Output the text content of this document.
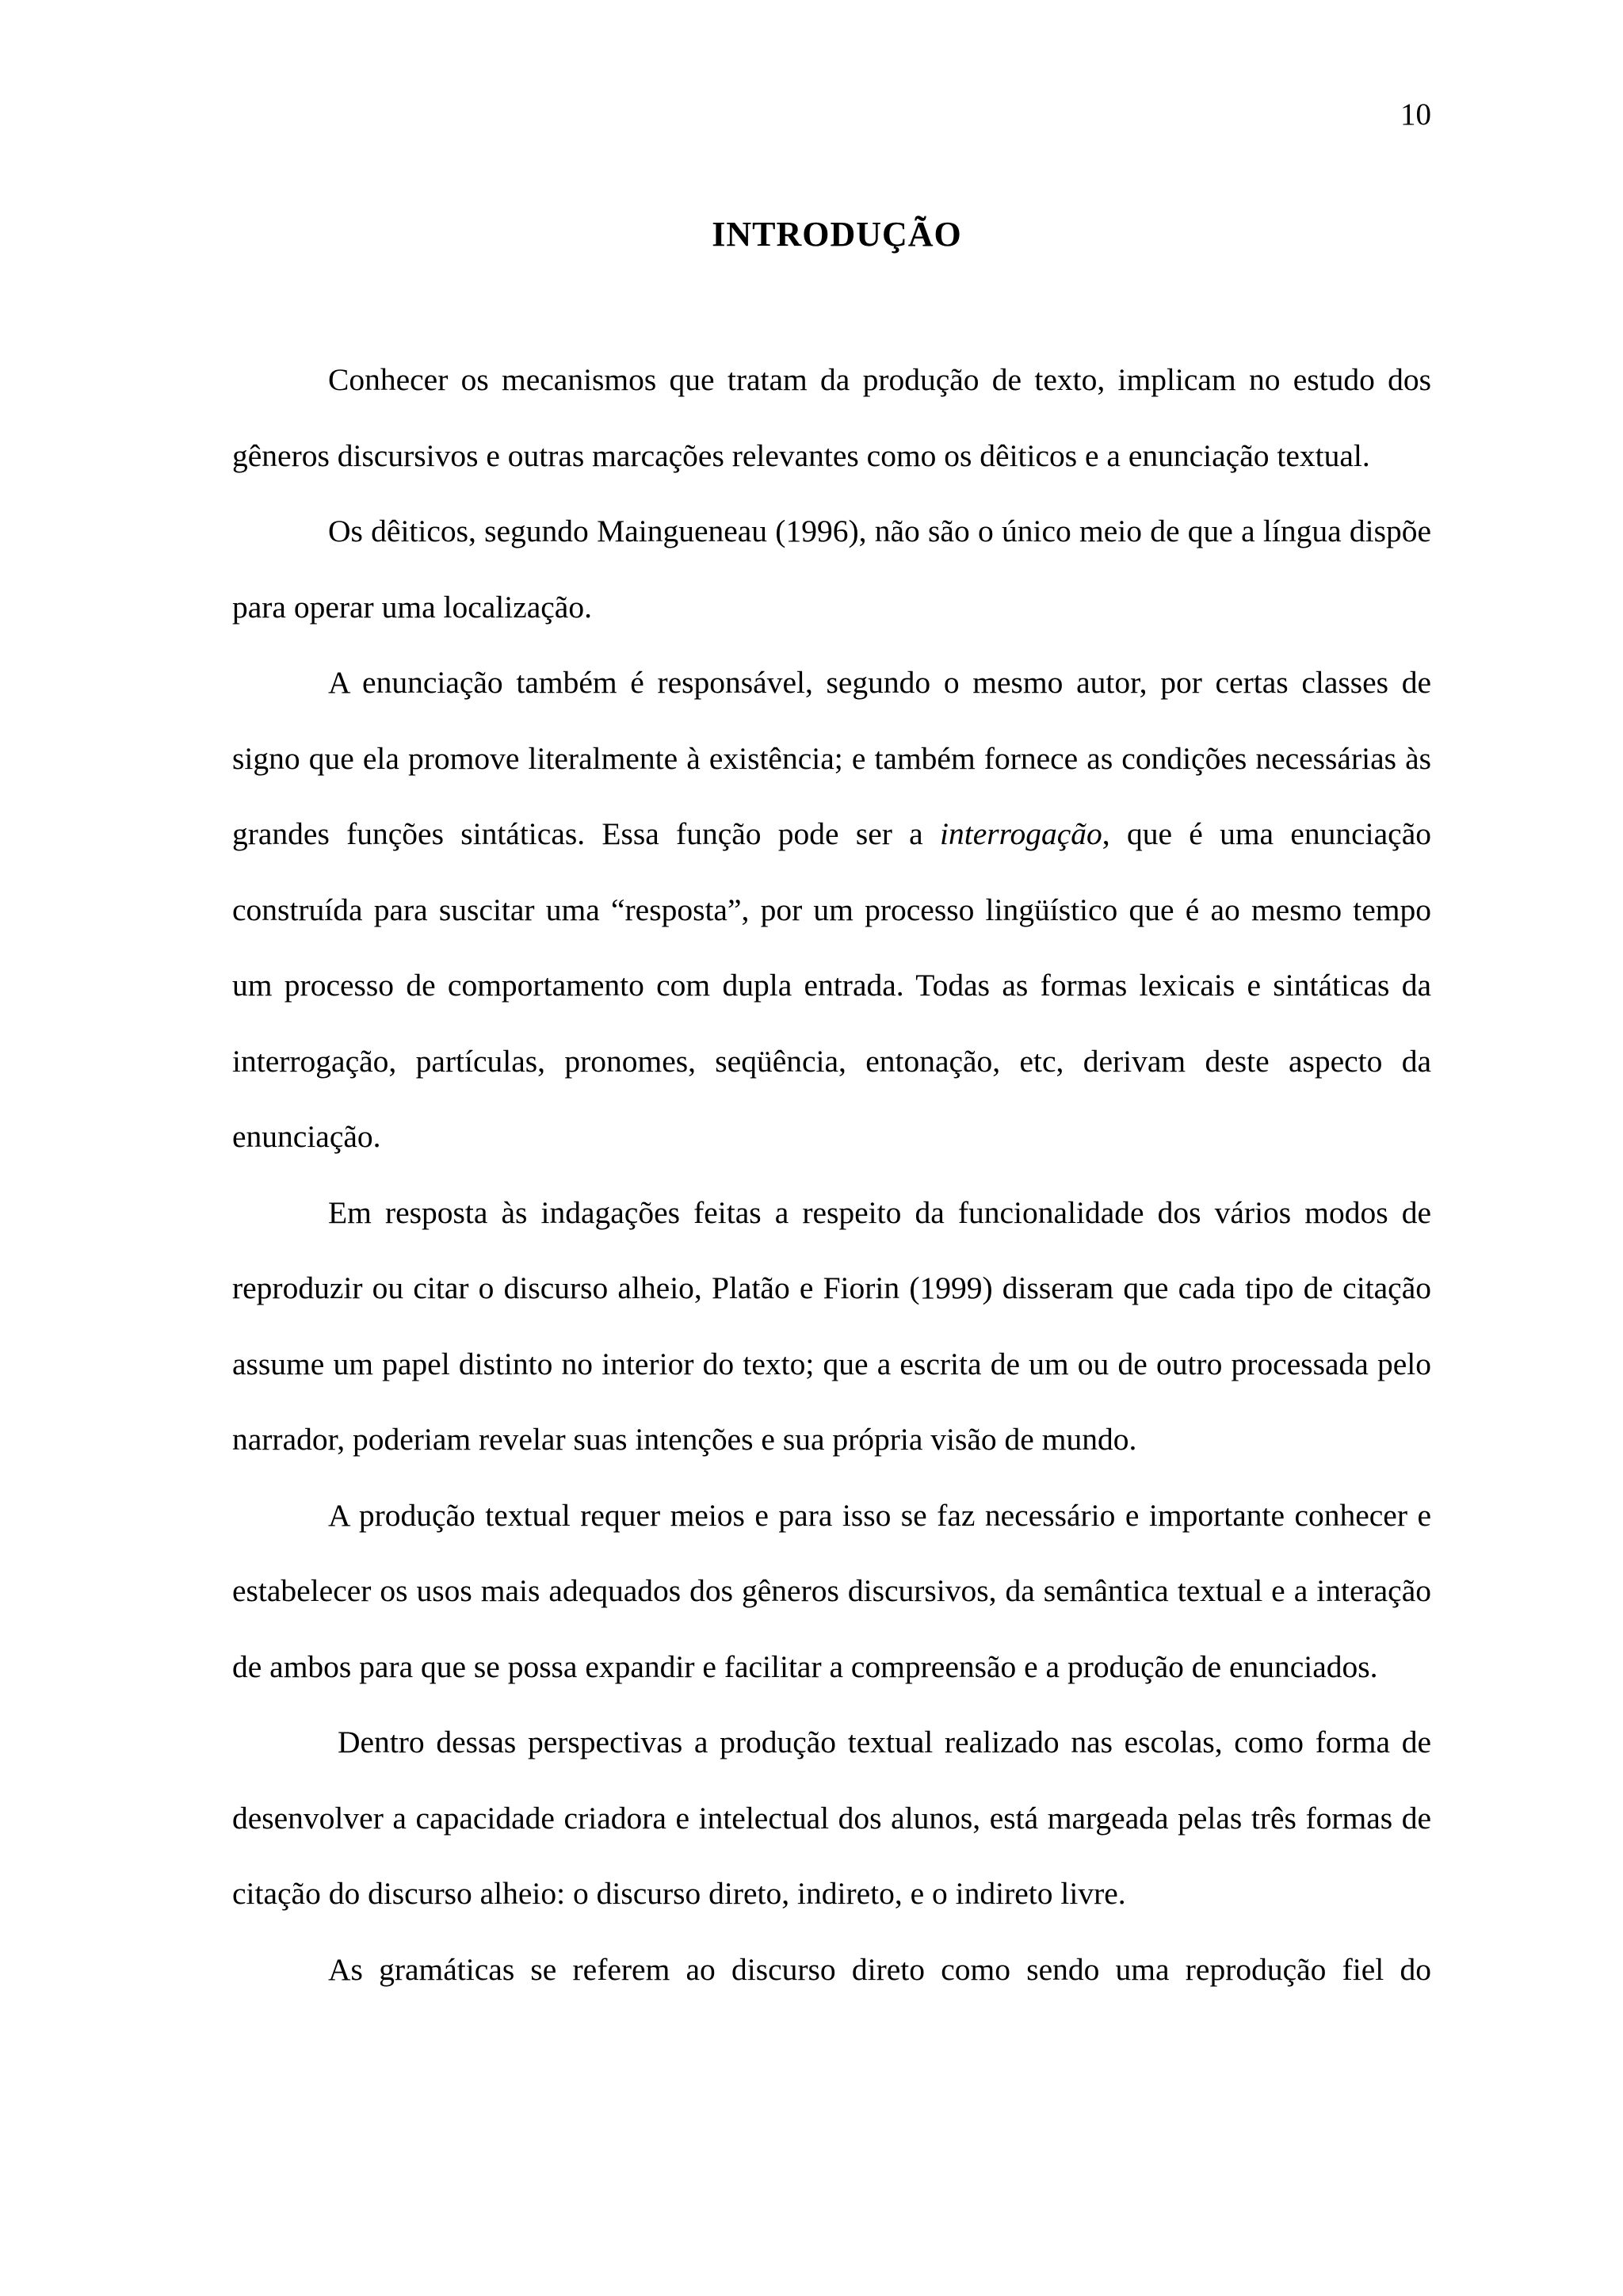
10
INTRODUÇÃO

Conhecer os mecanismos que tratam da produção de texto, implicam no estudo dos gêneros discursivos e outras marcações relevantes como os dêiticos e a enunciação textual.

Os dêiticos, segundo Maingueneau (1996), não são o único meio de que a língua dispõe para operar uma localização.

A enunciação também é responsável, segundo o mesmo autor, por certas classes de signo que ela promove literalmente à existência; e também fornece as condições necessárias às grandes funções sintáticas. Essa função pode ser a interrogação, que é uma enunciação construída para suscitar uma “resposta”, por um processo lingüístico que é ao mesmo tempo um processo de comportamento com dupla entrada. Todas as formas lexicais e sintáticas da interrogação, partículas, pronomes, seqüência, entonação, etc, derivam deste aspecto da enunciação.

Em resposta às indagações feitas a respeito da funcionalidade dos vários modos de reproduzir ou citar o discurso alheio, Platão e Fiorin (1999) disseram que cada tipo de citação assume um papel distinto no interior do texto; que a escrita de um ou de outro processada pelo narrador, poderiam revelar suas intenções e sua própria visão de mundo.

A produção textual requer meios e para isso se faz necessário e importante conhecer e estabelecer os usos mais adequados dos gêneros discursivos, da semântica textual e a interação de ambos para que se possa expandir e facilitar a compreensão e a produção de enunciados.

Dentro dessas perspectivas a produção textual realizado nas escolas, como forma de desenvolver a capacidade criadora e intelectual dos alunos, está margeada pelas três formas de citação do discurso alheio: o discurso direto, indireto, e o indireto livre.

As gramáticas se referem ao discurso direto como sendo uma reprodução fiel do
